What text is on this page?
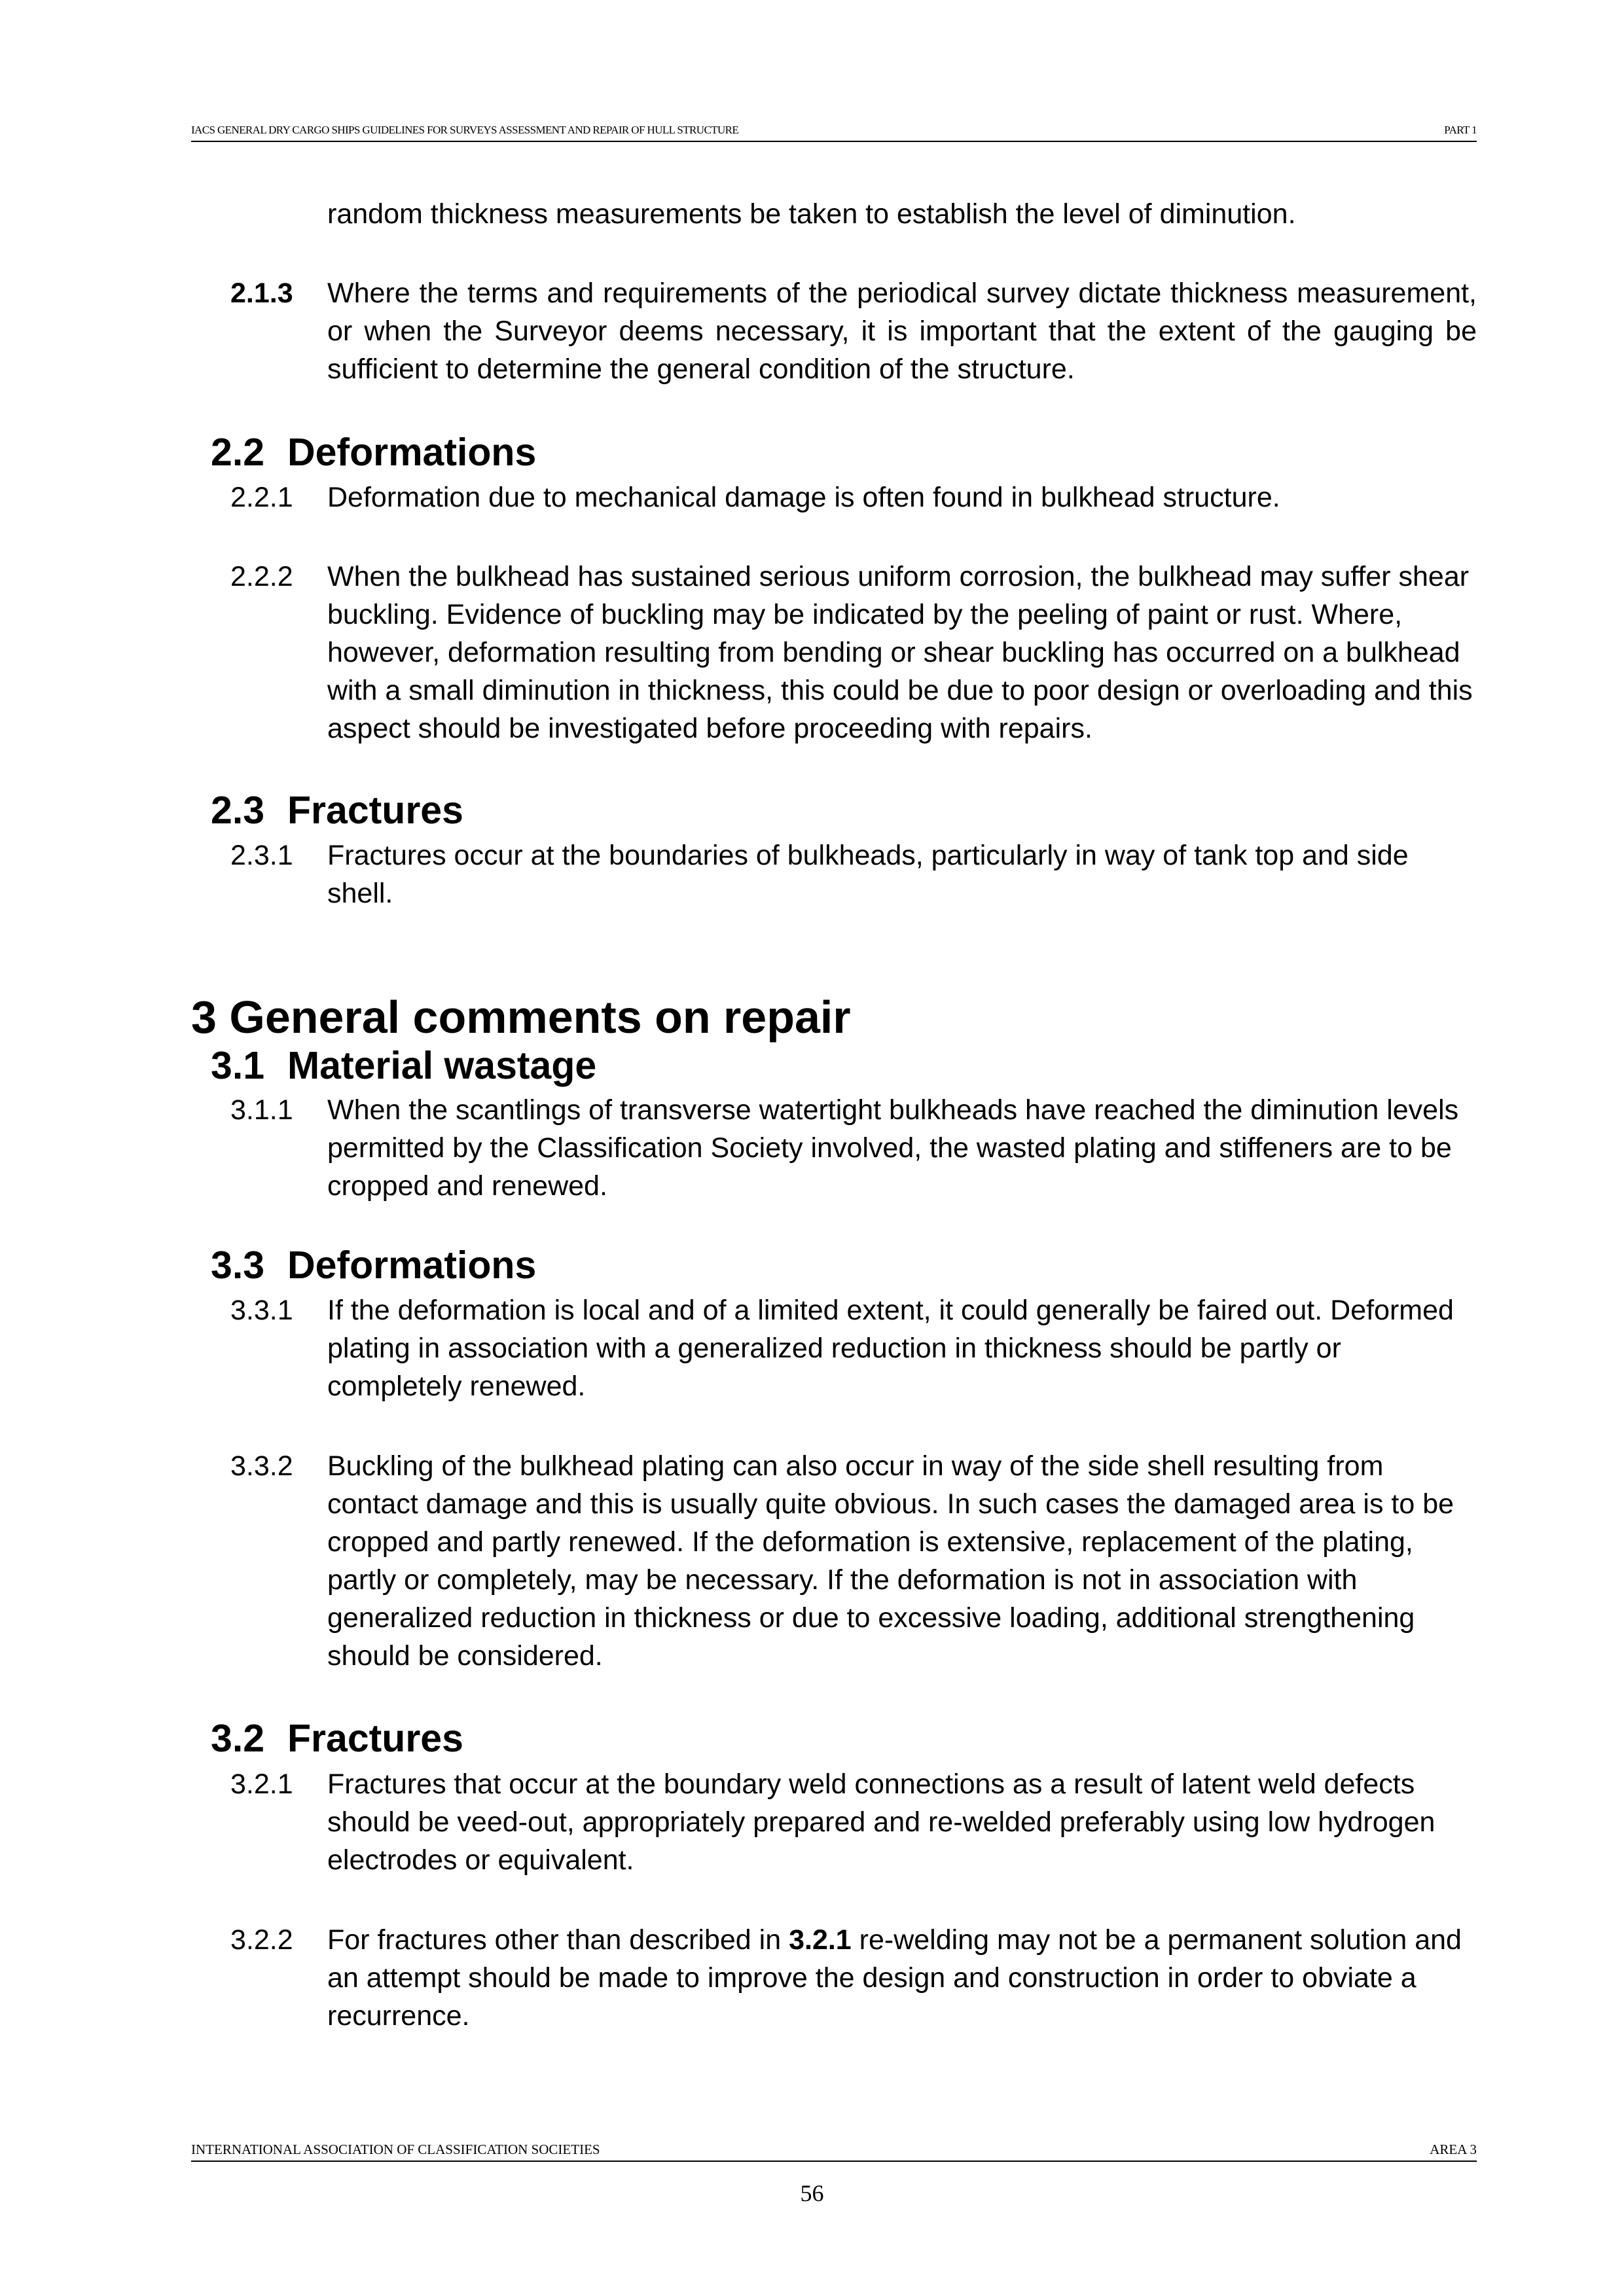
IACS GENERAL DRY CARGO SHIPS GUIDELINES FOR SURVEYS ASSESSMENT AND REPAIR OF HULL STRUCTURE	PART 1
random thickness measurements be taken to establish the level of diminution.
2.1.3 Where the terms and requirements of the periodical survey dictate thickness measurement, or when the Surveyor deems necessary, it is important that the extent of the gauging be sufficient to determine the general condition of the structure.
2.2 Deformations
2.2.1 Deformation due to mechanical damage is often found in bulkhead structure.
2.2.2 When the bulkhead has sustained serious uniform corrosion, the bulkhead may suffer shear buckling. Evidence of buckling may be indicated by the peeling of paint or rust. Where, however, deformation resulting from bending or shear buckling has occurred on a bulkhead with a small diminution in thickness, this could be due to poor design or overloading and this aspect should be investigated before proceeding with repairs.
2.3 Fractures
2.3.1 Fractures occur at the boundaries of bulkheads, particularly in way of tank top and side shell.
3 General comments on repair
3.1 Material wastage
3.1.1 When the scantlings of transverse watertight bulkheads have reached the diminution levels permitted by the Classification Society involved, the wasted plating and stiffeners are to be cropped and renewed.
3.3 Deformations
3.3.1 If the deformation is local and of a limited extent, it could generally be faired out. Deformed plating in association with a generalized reduction in thickness should be partly or completely renewed.
3.3.2 Buckling of the bulkhead plating can also occur in way of the side shell resulting from contact damage and this is usually quite obvious. In such cases the damaged area is to be cropped and partly renewed. If the deformation is extensive, replacement of the plating, partly or completely, may be necessary. If the deformation is not in association with generalized reduction in thickness or due to excessive loading, additional strengthening should be considered.
3.2 Fractures
3.2.1 Fractures that occur at the boundary weld connections as a result of latent weld defects should be veed-out, appropriately prepared and re-welded preferably using low hydrogen electrodes or equivalent.
3.2.2 For fractures other than described in 3.2.1 re-welding may not be a permanent solution and an attempt should be made to improve the design and construction in order to obviate a recurrence.
INTERNATIONAL ASSOCIATION OF CLASSIFICATION SOCIETIES	AREA 3
56
